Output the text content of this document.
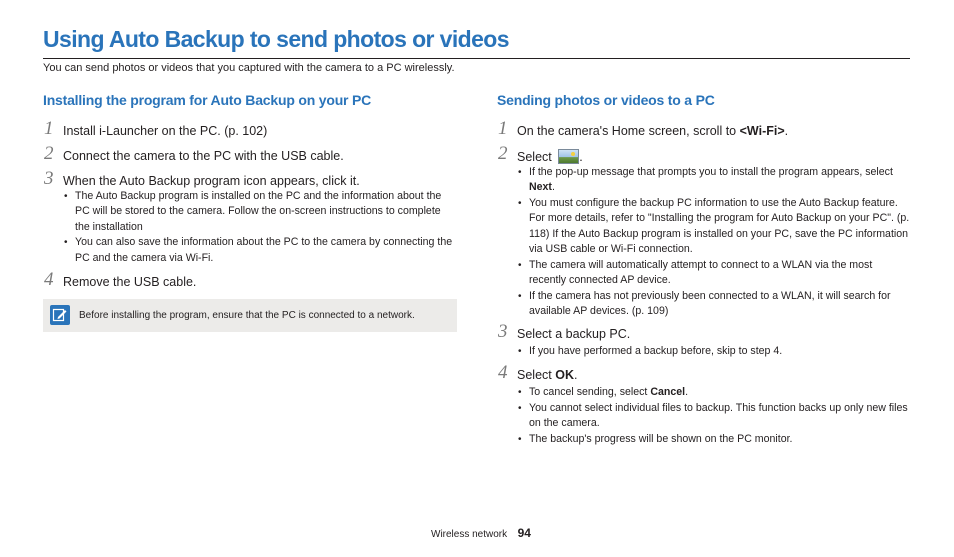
Using Auto Backup to send photos or videos

You can send photos or videos that you captured with the camera to a PC wirelessly.

Installing the program for Auto Backup on your PC
1 Install i-Launcher on the PC. (p. 102)
2 Connect the camera to the PC with the USB cable.
3 When the Auto Backup program icon appears, click it.
• The Auto Backup program is installed on the PC and the information about the PC will be stored to the camera. Follow the on-screen instructions to complete the installation
• You can also save the information about the PC to the camera by connecting the PC and the camera via Wi-Fi.
4 Remove the USB cable.
Before installing the program, ensure that the PC is connected to a network.
Sending photos or videos to a PC
1 On the camera's Home screen, scroll to <Wi-Fi>.
2 Select .
• If the pop-up message that prompts you to install the program appears, select Next.
• You must configure the backup PC information to use the Auto Backup feature. For more details, refer to "Installing the program for Auto Backup on your PC". (p. 118) If the Auto Backup program is installed on your PC, save the PC information via USB cable or Wi-Fi connection.
• The camera will automatically attempt to connect to a WLAN via the most recently connected AP device.
• If the camera has not previously been connected to a WLAN, it will search for available AP devices. (p. 109)
3 Select a backup PC.
• If you have performed a backup before, skip to step 4.
4 Select OK.
• To cancel sending, select Cancel.
• You cannot select individual files to backup. This function backs up only new files on the camera.
• The backup's progress will be shown on the PC monitor.
Wireless network 94
